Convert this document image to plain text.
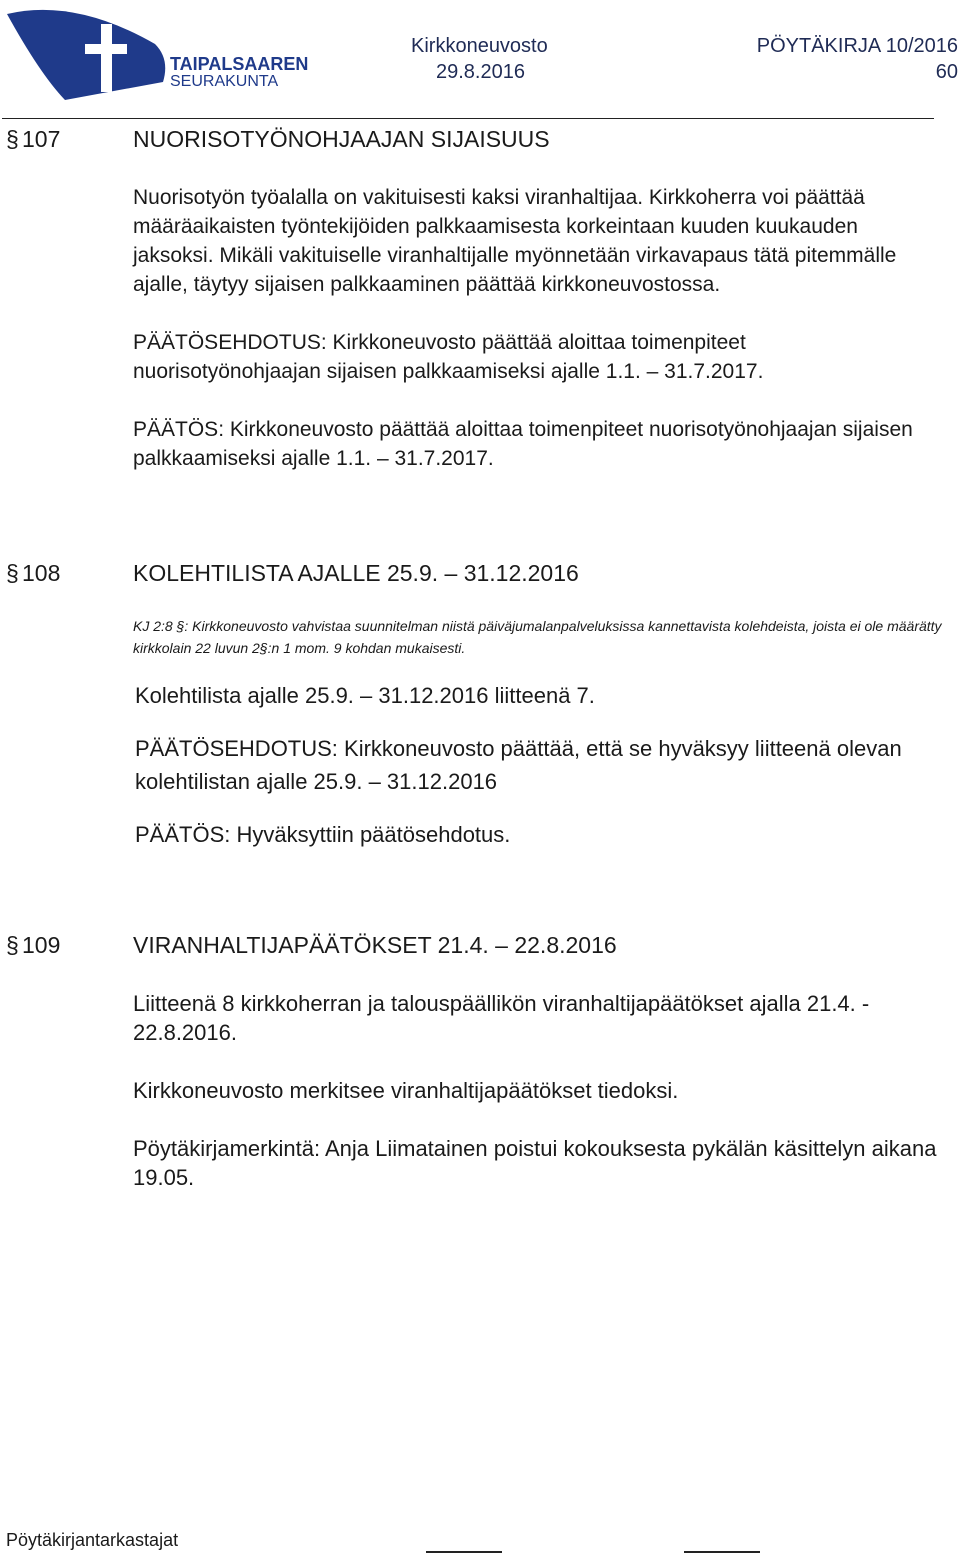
TAIPALSAAREN
SEURAKUNTA
Kirkkoneuvosto
29.8.2016
PÖYTÄKIRJA 10/2016
60
§ 107	NUORISOTYÖNOHJAAJAN SIJAISUUS

Nuorisotyön työalalla on vakituisesti kaksi viranhaltijaa. Kirkkoherra voi päättää määräaikaisten työntekijöiden palkkaamisesta korkeintaan kuuden kuukauden jaksoksi. Mikäli vakituiselle viranhaltijalle myönnetään virkavapaus tätä pitemmälle ajalle, täytyy sijaisen palkkaaminen päättää kirkkoneuvostossa.

PÄÄTÖSEHDOTUS: Kirkkoneuvosto päättää aloittaa toimenpiteet nuorisotyönohjaajan sijaisen palkkaamiseksi ajalle 1.1. – 31.7.2017.

PÄÄTÖS: Kirkkoneuvosto päättää aloittaa toimenpiteet nuorisotyönohjaajan sijaisen palkkaamiseksi ajalle 1.1. – 31.7.2017.

§ 108	KOLEHTILISTA AJALLE 25.9. – 31.12.2016
KJ 2:8 §: Kirkkoneuvosto vahvistaa suunnitelman niistä päiväjumalanpalveluksissa kannettavista kolehdeista, joista ei ole määrätty kirkkolain 22 luvun 2§:n 1 mom. 9 kohdan mukaisesti.
Kolehtilista ajalle 25.9. – 31.12.2016 liitteenä 7.
PÄÄTÖSEHDOTUS: Kirkkoneuvosto päättää, että se hyväksyy liitteenä olevan kolehtilistan ajalle 25.9. – 31.12.2016
PÄÄTÖS: Hyväksyttiin päätösehdotus.
§ 109	VIRANHALTIJAPÄÄTÖKSET 21.4. – 22.8.2016
Liitteenä 8 kirkkoherran ja talouspäällikön viranhaltijapäätökset ajalla 21.4. - 22.8.2016.
Kirkkoneuvosto merkitsee viranhaltijapäätökset tiedoksi.
Pöytäkirjamerkintä: Anja Liimatainen poistui kokouksesta pykälän käsittelyn aikana 19.05.
Pöytäkirjantarkastajat
